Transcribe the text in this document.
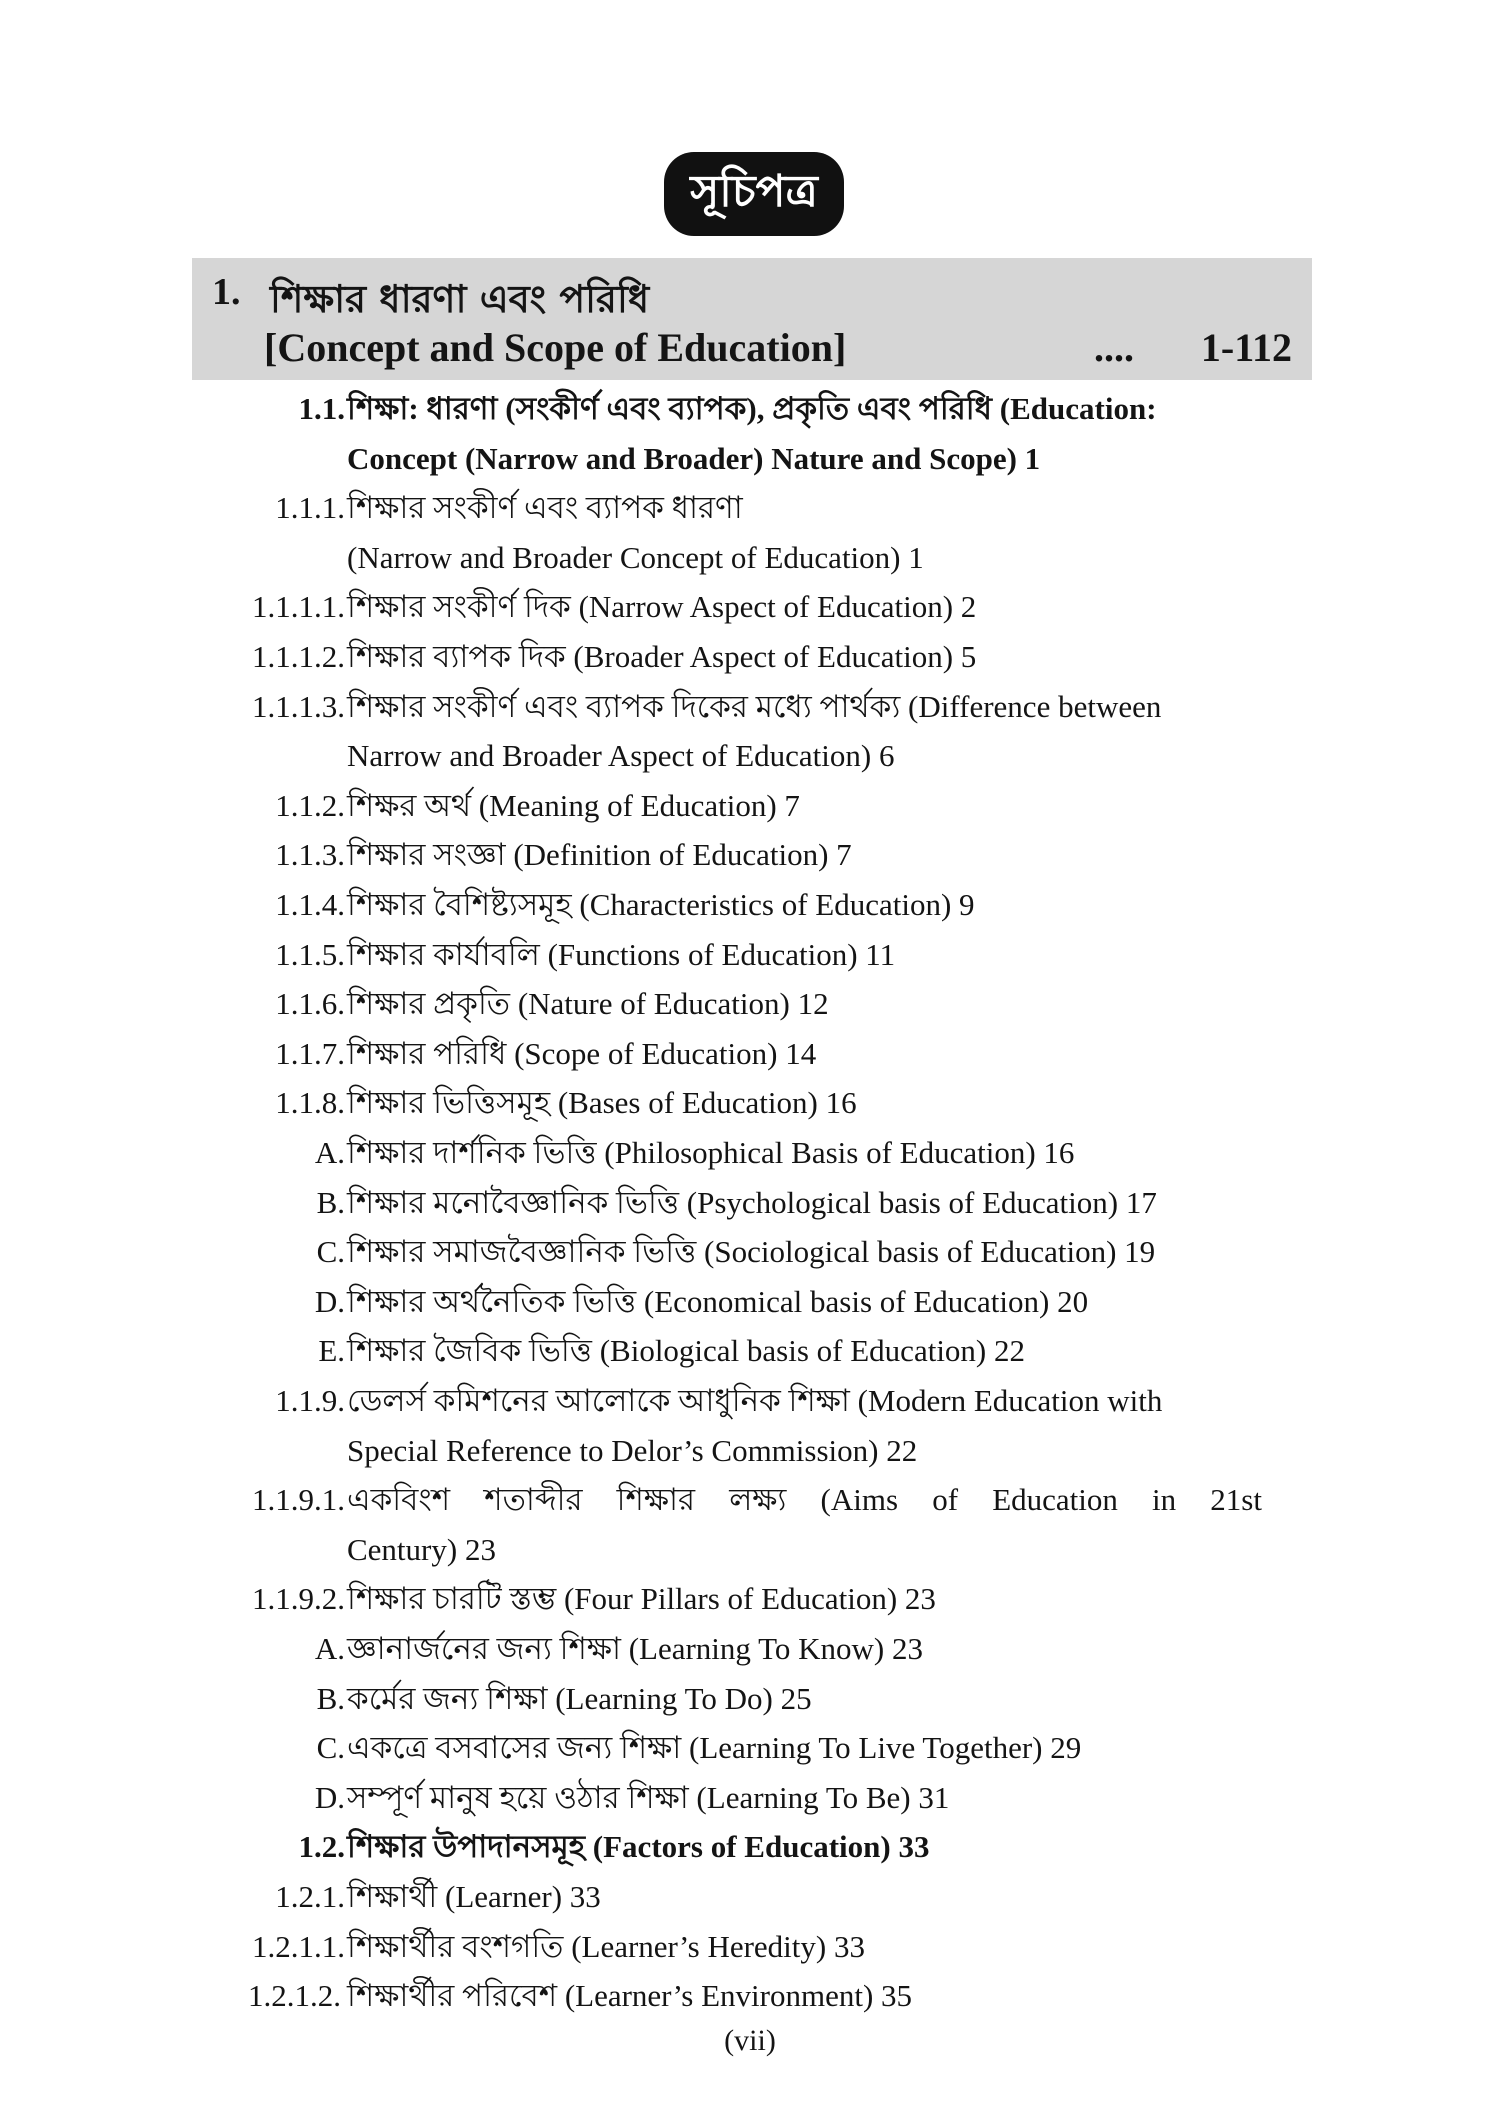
সূচিপত্র
1. শিক্ষার ধারণা এবং পরিধি
[Concept and Scope of Education]	.... 1-112
1.1. শিক্ষা: ধারণা (সংকীর্ণ এবং ব্যাপক), প্রকৃতি এবং পরিধি (Education:
Concept (Narrow and Broader) Nature and Scope) 1
1.1.1. শিক্ষার সংকীর্ণ এবং ব্যাপক ধারণা
(Narrow and Broader Concept of Education) 1
1.1.1.1. শিক্ষার সংকীর্ণ দিক (Narrow Aspect of Education) 2
1.1.1.2. শিক্ষার ব্যাপক দিক (Broader Aspect of Education) 5
1.1.1.3. শিক্ষার সংকীর্ণ এবং ব্যাপক দিকের মধ্যে পার্থক্য (Difference between
Narrow and Broader Aspect of Education) 6
1.1.2. শিক্ষর অর্থ (Meaning of Education) 7
1.1.3. শিক্ষার সংজ্ঞা (Definition of Education) 7
1.1.4. শিক্ষার বৈশিষ্ট্যসমূহ (Characteristics of Education) 9
1.1.5. শিক্ষার কার্যাবলি (Functions of Education) 11
1.1.6. শিক্ষার প্রকৃতি (Nature of Education) 12
1.1.7. শিক্ষার পরিধি (Scope of Education) 14
1.1.8. শিক্ষার ভিত্তিসমূহ (Bases of Education) 16
A. শিক্ষার দার্শনিক ভিত্তি (Philosophical Basis of Education) 16
B. শিক্ষার মনোবৈজ্ঞানিক ভিত্তি (Psychological basis of Education) 17
C. শিক্ষার সমাজবৈজ্ঞানিক ভিত্তি (Sociological basis of Education) 19
D. শিক্ষার অর্থনৈতিক ভিত্তি (Economical basis of Education) 20
E. শিক্ষার জৈবিক ভিত্তি (Biological basis of Education) 22
1.1.9. ডেলর্স কমিশনের আলোকে আধুনিক শিক্ষা (Modern Education with
Special Reference to Delor’s Commission) 22
1.1.9.1. একবিংশ শতাব্দীর শিক্ষার লক্ষ্য (Aims of Education in 21st
Century) 23
1.1.9.2. শিক্ষার চারটি স্তম্ভ (Four Pillars of Education) 23
A. জ্ঞানার্জনের জন্য শিক্ষা (Learning To Know) 23
B. কর্মের জন্য শিক্ষা (Learning To Do) 25
C. একত্রে বসবাসের জন্য শিক্ষা (Learning To Live Together) 29
D. সম্পূর্ণ মানুষ হয়ে ওঠার শিক্ষা (Learning To Be) 31
1.2. শিক্ষার উপাদানসমূহ (Factors of Education) 33
1.2.1. শিক্ষার্থী (Learner) 33
1.2.1.1. শিক্ষার্থীর বংশগতি (Learner’s Heredity) 33
1.2.1.2. শিক্ষার্থীর পরিবেশ (Learner’s Environment) 35
(vii)
